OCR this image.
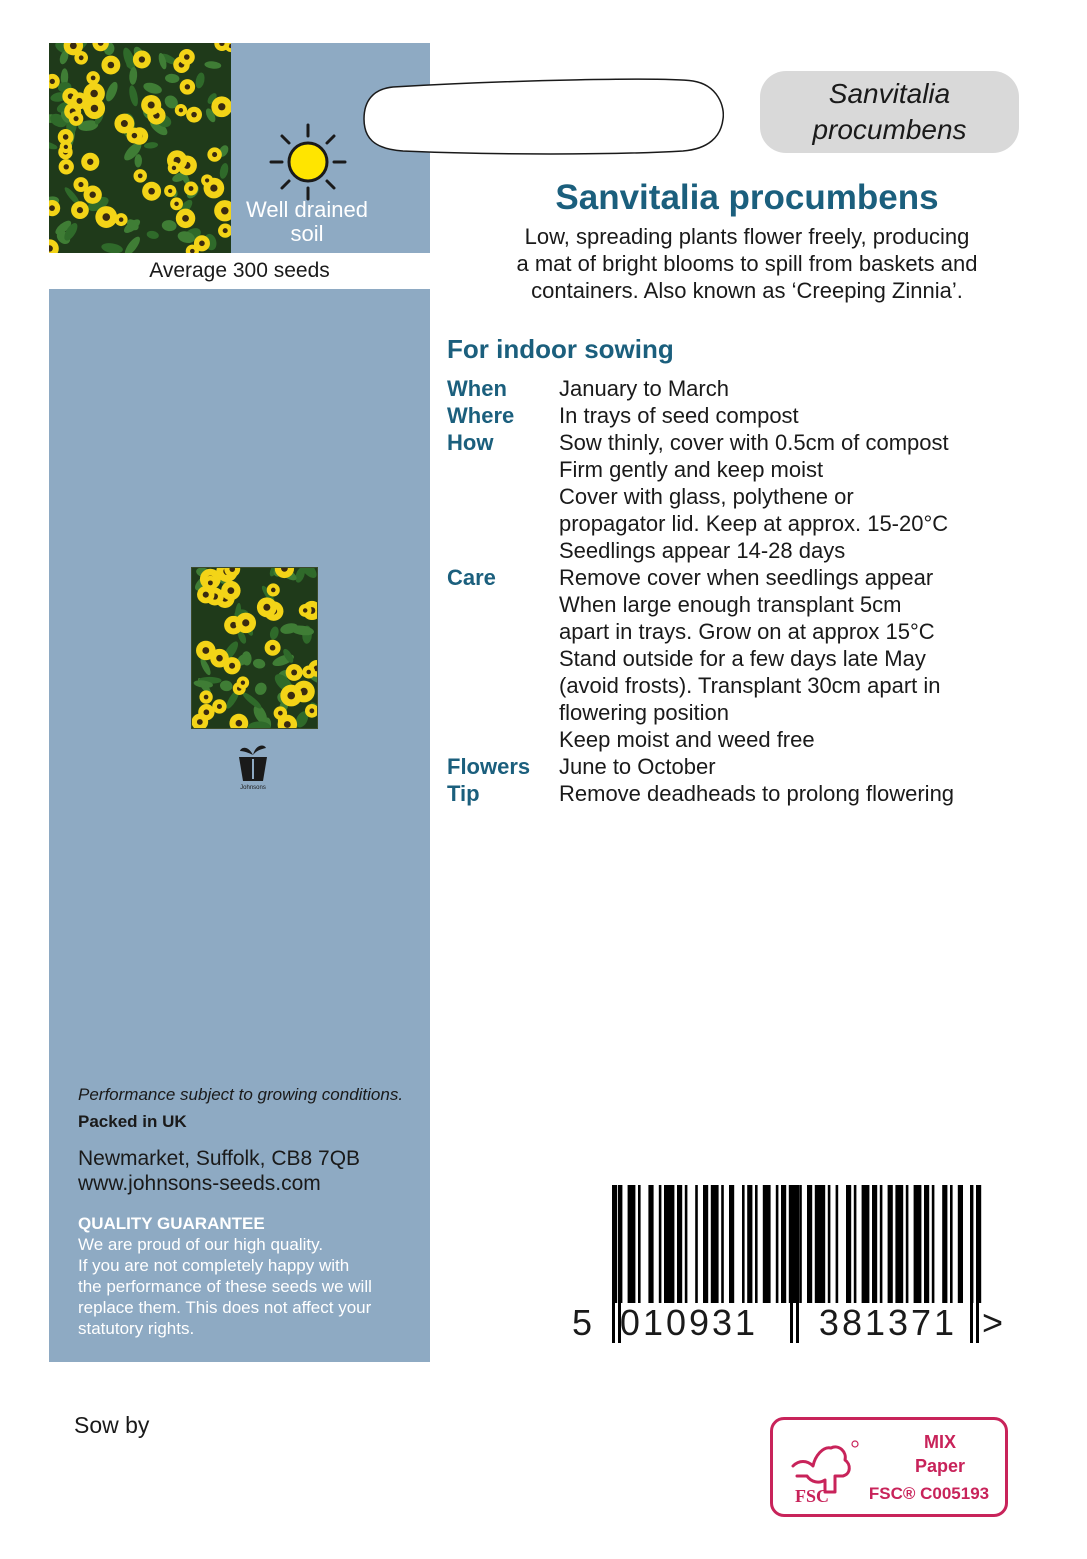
Average 300 seeds
Well drained
soil
Johnsons
Performance subject to growing conditions.
Packed in UK
Newmarket, Suffolk, CB8 7QB
www.johnsons-seeds.com
QUALITY GUARANTEE
We are proud of our high quality.
If you are not completely happy with
the performance of these seeds we will
replace them. This does not affect your
statutory rights.
Sanvitalia
procumbens
Sanvitalia procumbens
Low, spreading plants flower freely, producing
a mat of bright blooms to spill from baskets and
containers. Also known as ‘Creeping Zinnia’.
For indoor sowing
When	January to March
Where	In trays of seed compost
How	Sow thinly, cover with 0.5cm of compost
Firm gently and keep moist
Cover with glass, polythene or
propagator lid. Keep at approx. 15-20°C
Seedlings appear 14-28 days
Care	Remove cover when seedlings appear
When large enough transplant 5cm
apart in trays. Grow on at approx 15°C
Stand outside for a few days late May
(avoid frosts). Transplant 30cm apart in
flowering position
Keep moist and weed free
Flowers	June to October
Tip	Remove deadheads to prolong flowering
5 010931 381371 >
Sow by
FSC
MIX
Paper
FSC® C005193
